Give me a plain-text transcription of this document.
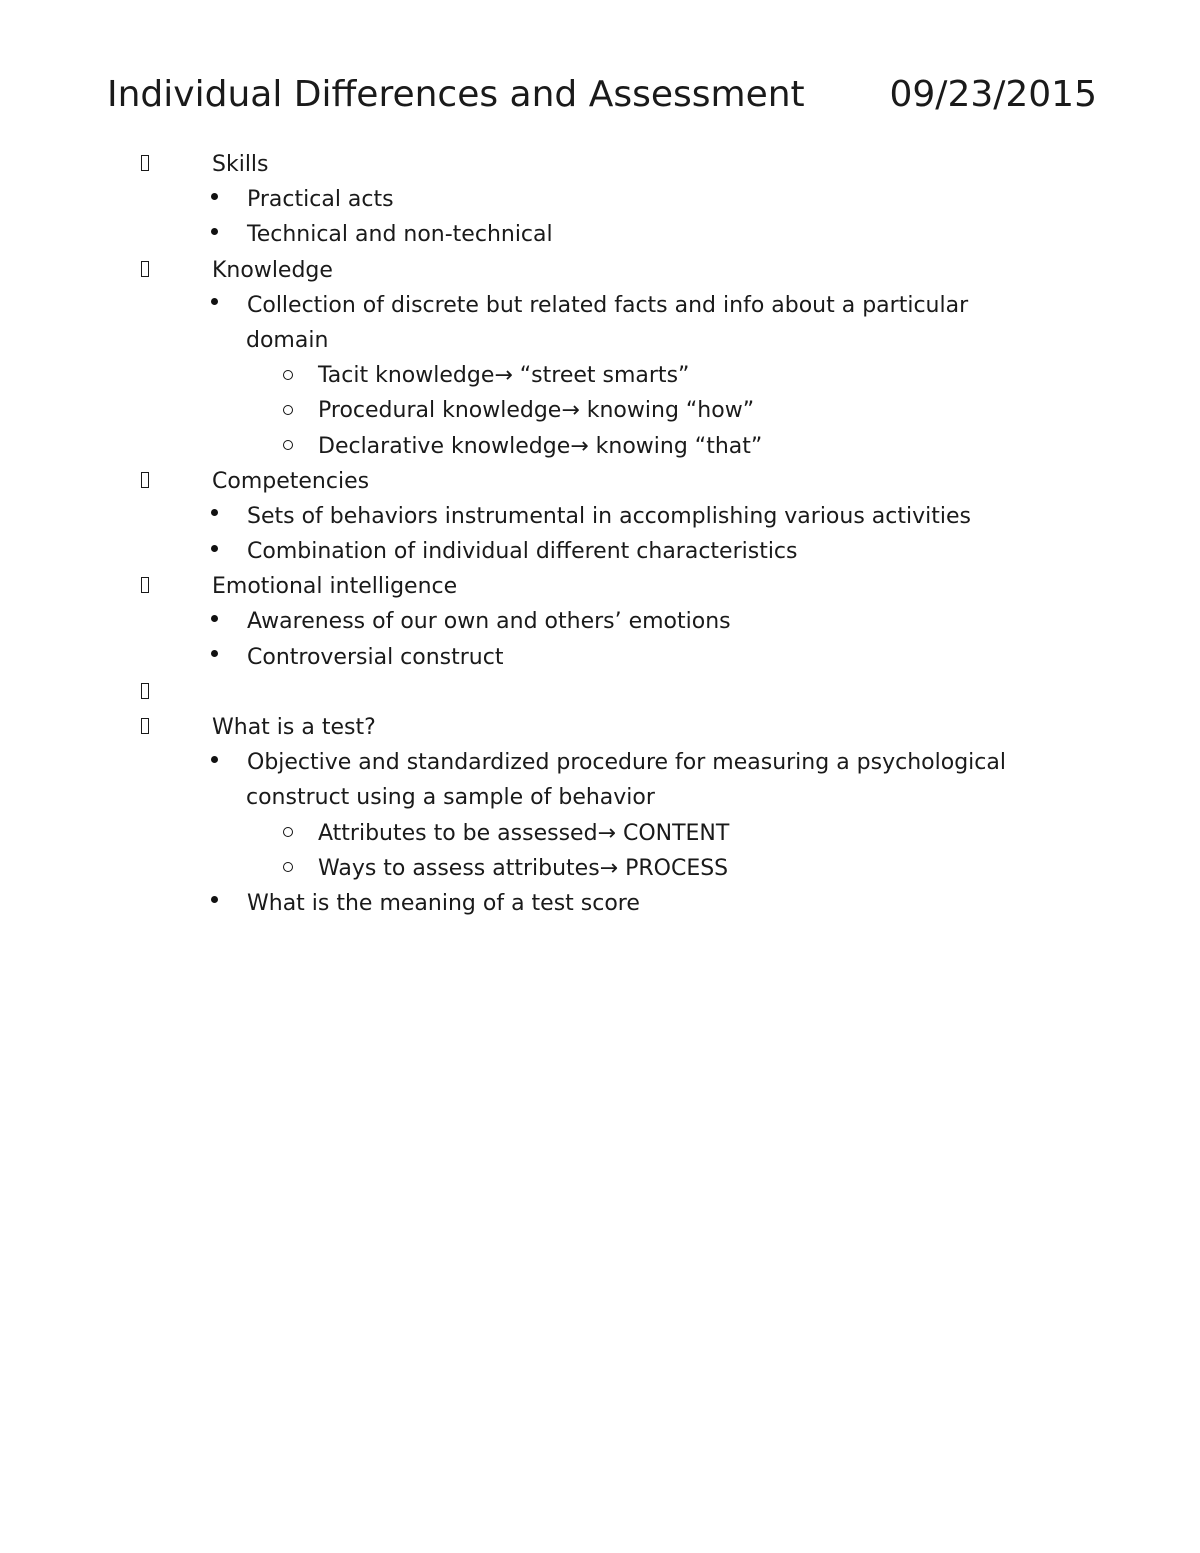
Individual Differences and Assessment 09/23/2015
Skills
Practical acts
Technical and non-technical
Knowledge
Collection of discrete but related facts and info about a particular
domain
Tacit knowledge→ “street smarts”
Procedural knowledge→ knowing “how”
Declarative knowledge→ knowing “that”
Competencies
Sets of behaviors instrumental in accomplishing various activities
Combination of individual different characteristics
Emotional intelligence
Awareness of our own and others’ emotions
Controversial construct
What is a test?
Objective and standardized procedure for measuring a psychological
construct using a sample of behavior
Attributes to be assessed→ CONTENT
Ways to assess attributes→ PROCESS
What is the meaning of a test score
